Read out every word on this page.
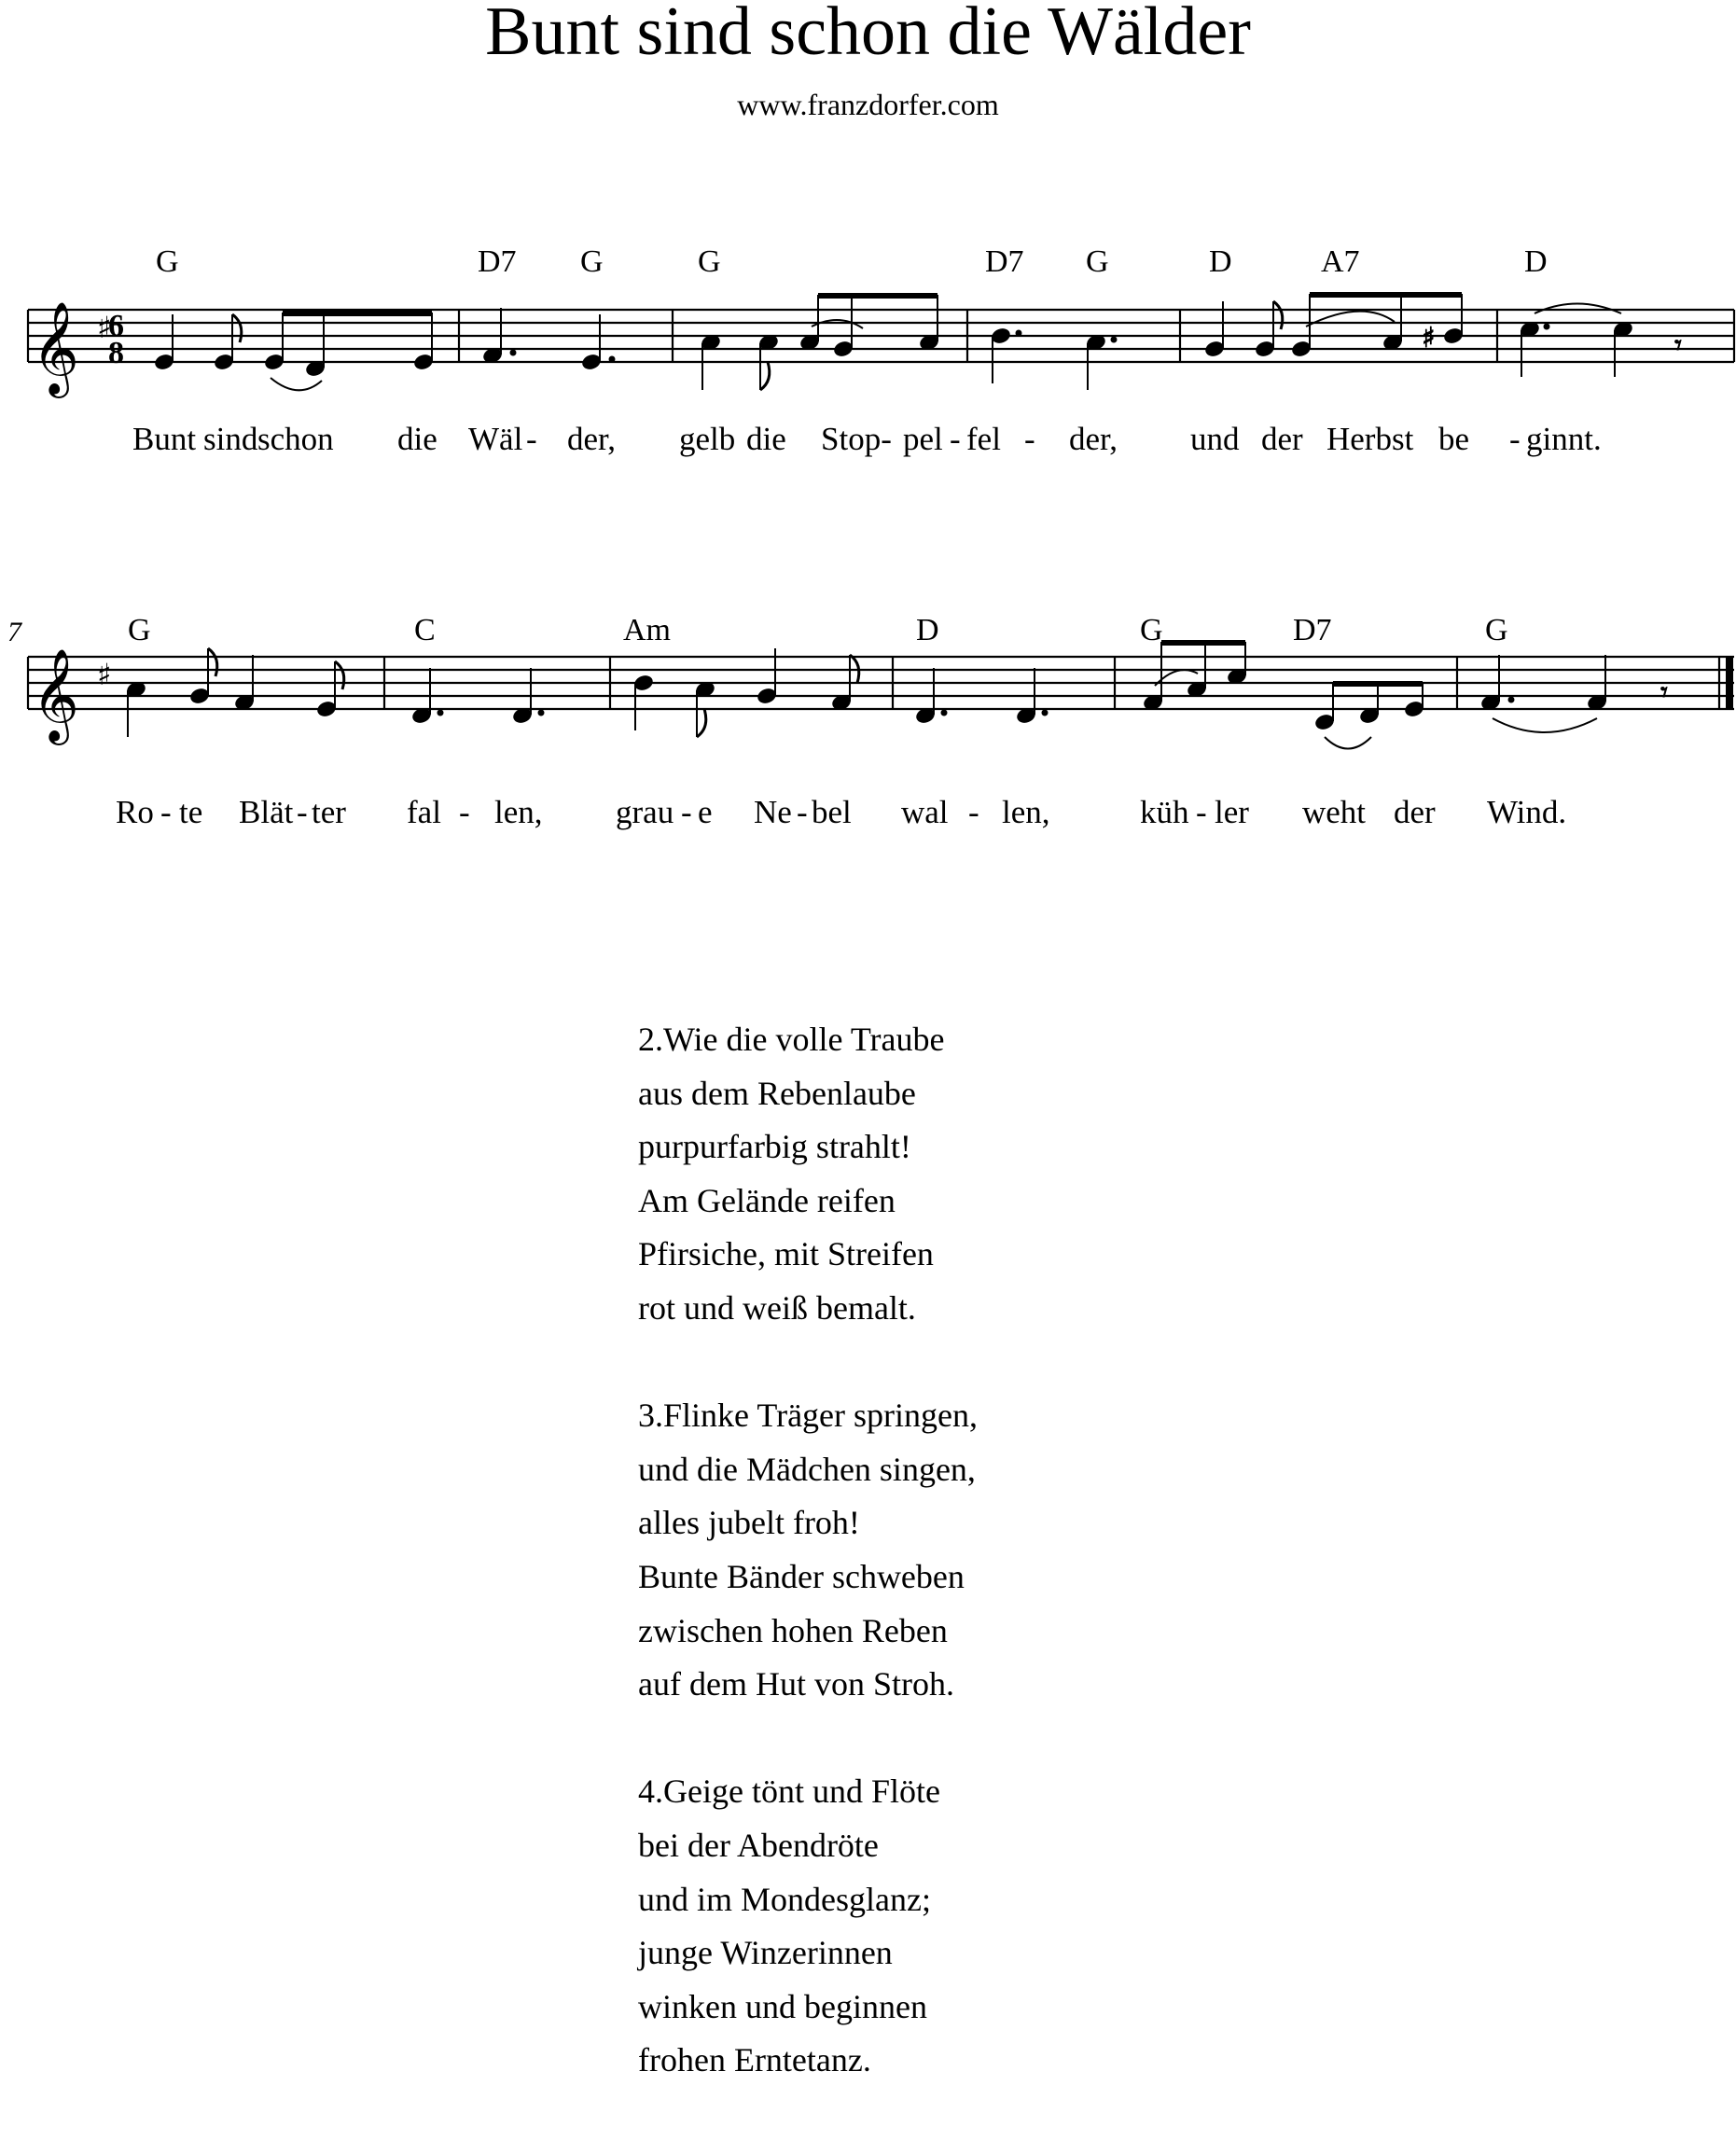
Bunt sind schon die Wälder
www.franzdorfer.com
𝄞 ♯
6
8	♯	𝄾
G	D7 G	G	D7 G	D	A7	D
Bunt sind schon die Wäl - der, gelb die Stop- pel - fel - der, und der Herbst be - ginnt.
7
𝄞 ♯
𝄾
G	C	Am	D	G	D7	G
Ro - te Blät - ter fal - len, grau - e Ne - bel wal - len,	küh - ler weht der Wind.
2.Wie die volle Traube
aus dem Rebenlaube
purpurfarbig strahlt!
Am Gelände reifen
Pfirsiche, mit Streifen
rot und weiß bemalt.
3.Flinke Träger springen,
und die Mädchen singen,
alles jubelt froh!
Bunte Bänder schweben
zwischen hohen Reben
auf dem Hut von Stroh.
4.Geige tönt und Flöte
bei der Abendröte
und im Mondesglanz;
junge Winzerinnen
winken und beginnen
frohen Erntetanz.
